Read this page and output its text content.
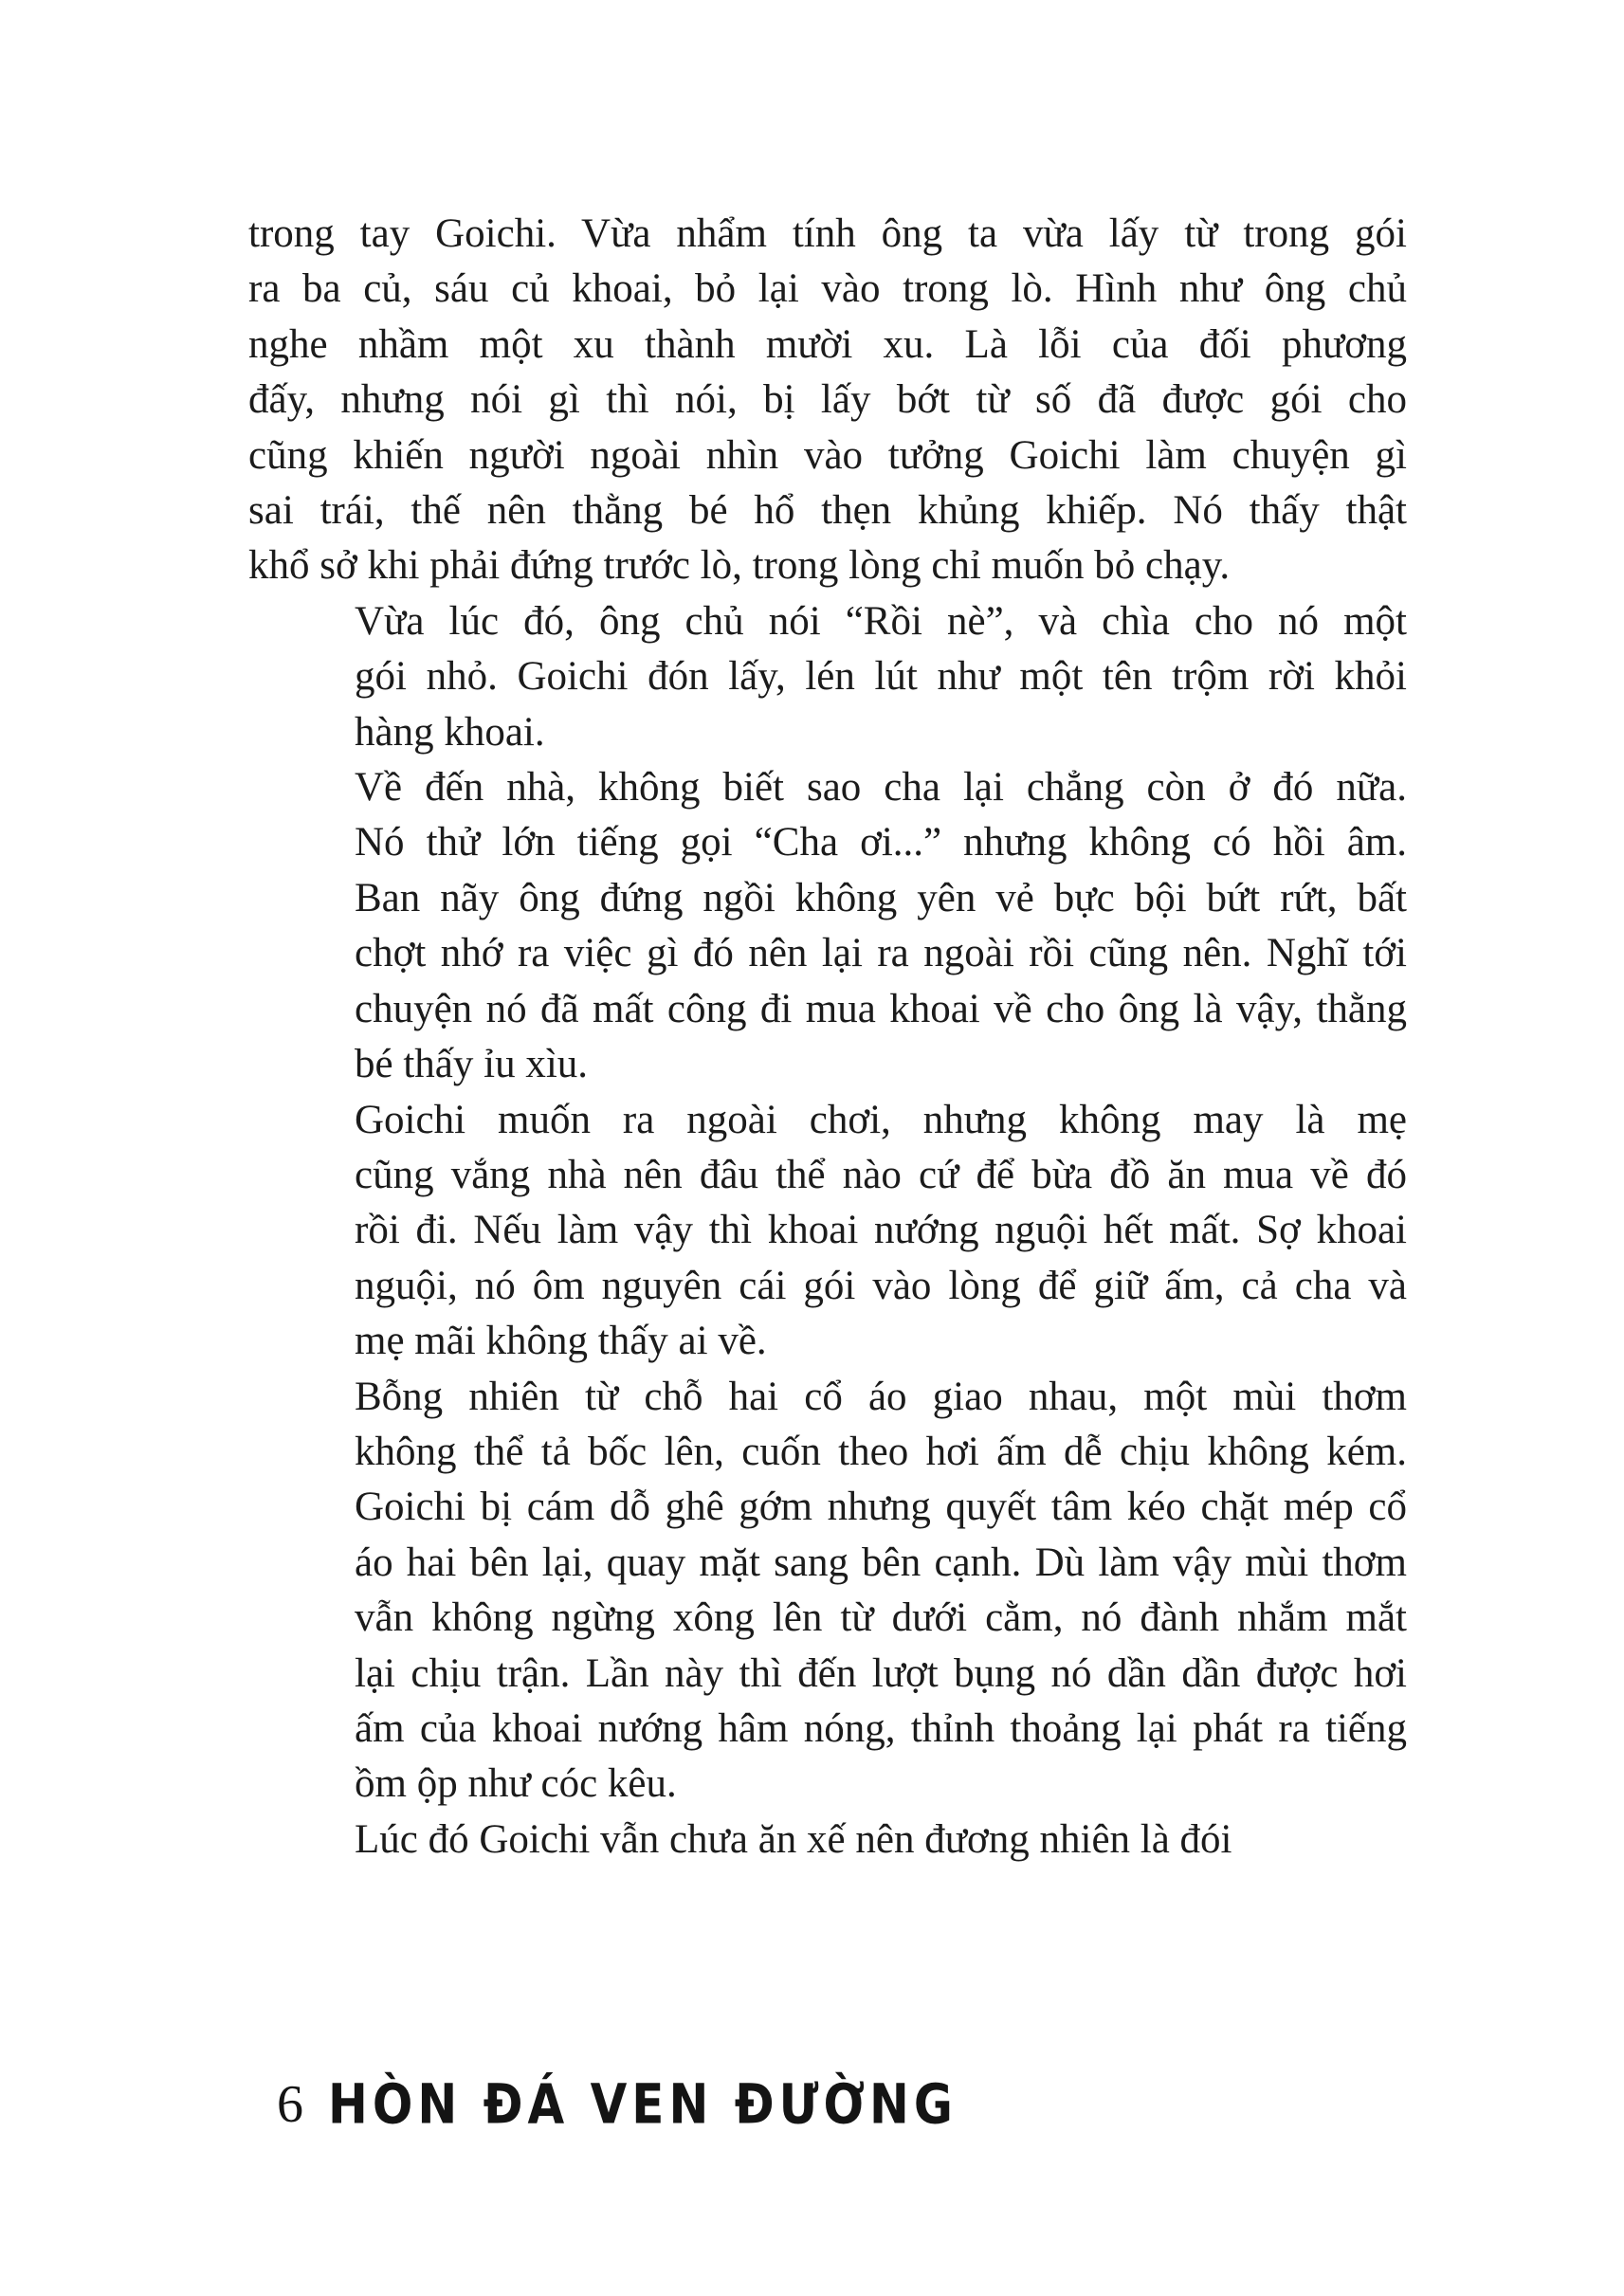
trong tay Goichi. Vừa nhẩm tính ông ta vừa lấy từ trong gói
ra ba củ, sáu củ khoai, bỏ lại vào trong lò. Hình như ông chủ
nghe nhầm một xu thành mười xu. Là lỗi của đối phương
đấy, nhưng nói gì thì nói, bị lấy bớt từ số đã được gói cho
cũng khiến người ngoài nhìn vào tưởng Goichi làm chuyện gì
sai trái, thế nên thằng bé hổ thẹn khủng khiếp. Nó thấy thật
khổ sở khi phải đứng trước lò, trong lòng chỉ muốn bỏ chạy.

Vừa lúc đó, ông chủ nói “Rồi nè”, và chìa cho nó một
gói nhỏ. Goichi đón lấy, lén lút như một tên trộm rời khỏi
hàng khoai.

Về đến nhà, không biết sao cha lại chẳng còn ở đó nữa.
Nó thử lớn tiếng gọi “Cha ơi...” nhưng không có hồi âm.
Ban nãy ông đứng ngồi không yên vẻ bực bội bứt rứt, bất
chợt nhớ ra việc gì đó nên lại ra ngoài rồi cũng nên. Nghĩ tới
chuyện nó đã mất công đi mua khoai về cho ông là vậy, thằng
bé thấy ỉu xìu.

Goichi muốn ra ngoài chơi, nhưng không may là mẹ
cũng vắng nhà nên đâu thể nào cứ để bừa đồ ăn mua về đó
rồi đi. Nếu làm vậy thì khoai nướng nguội hết mất. Sợ khoai
nguội, nó ôm nguyên cái gói vào lòng để giữ ấm, cả cha và
mẹ mãi không thấy ai về.

Bỗng nhiên từ chỗ hai cổ áo giao nhau, một mùi thơm
không thể tả bốc lên, cuốn theo hơi ấm dễ chịu không kém.
Goichi bị cám dỗ ghê gớm nhưng quyết tâm kéo chặt mép cổ
áo hai bên lại, quay mặt sang bên cạnh. Dù làm vậy mùi thơm
vẫn không ngừng xông lên từ dưới cằm, nó đành nhắm mắt
lại chịu trận. Lần này thì đến lượt bụng nó dần dần được hơi
ấm của khoai nướng hâm nóng, thỉnh thoảng lại phát ra tiếng
ồm ộp như cóc kêu.

Lúc đó Goichi vẫn chưa ăn xế nên đương nhiên là đói

6 HÒN ĐÁ VEN ĐƯỜNG
